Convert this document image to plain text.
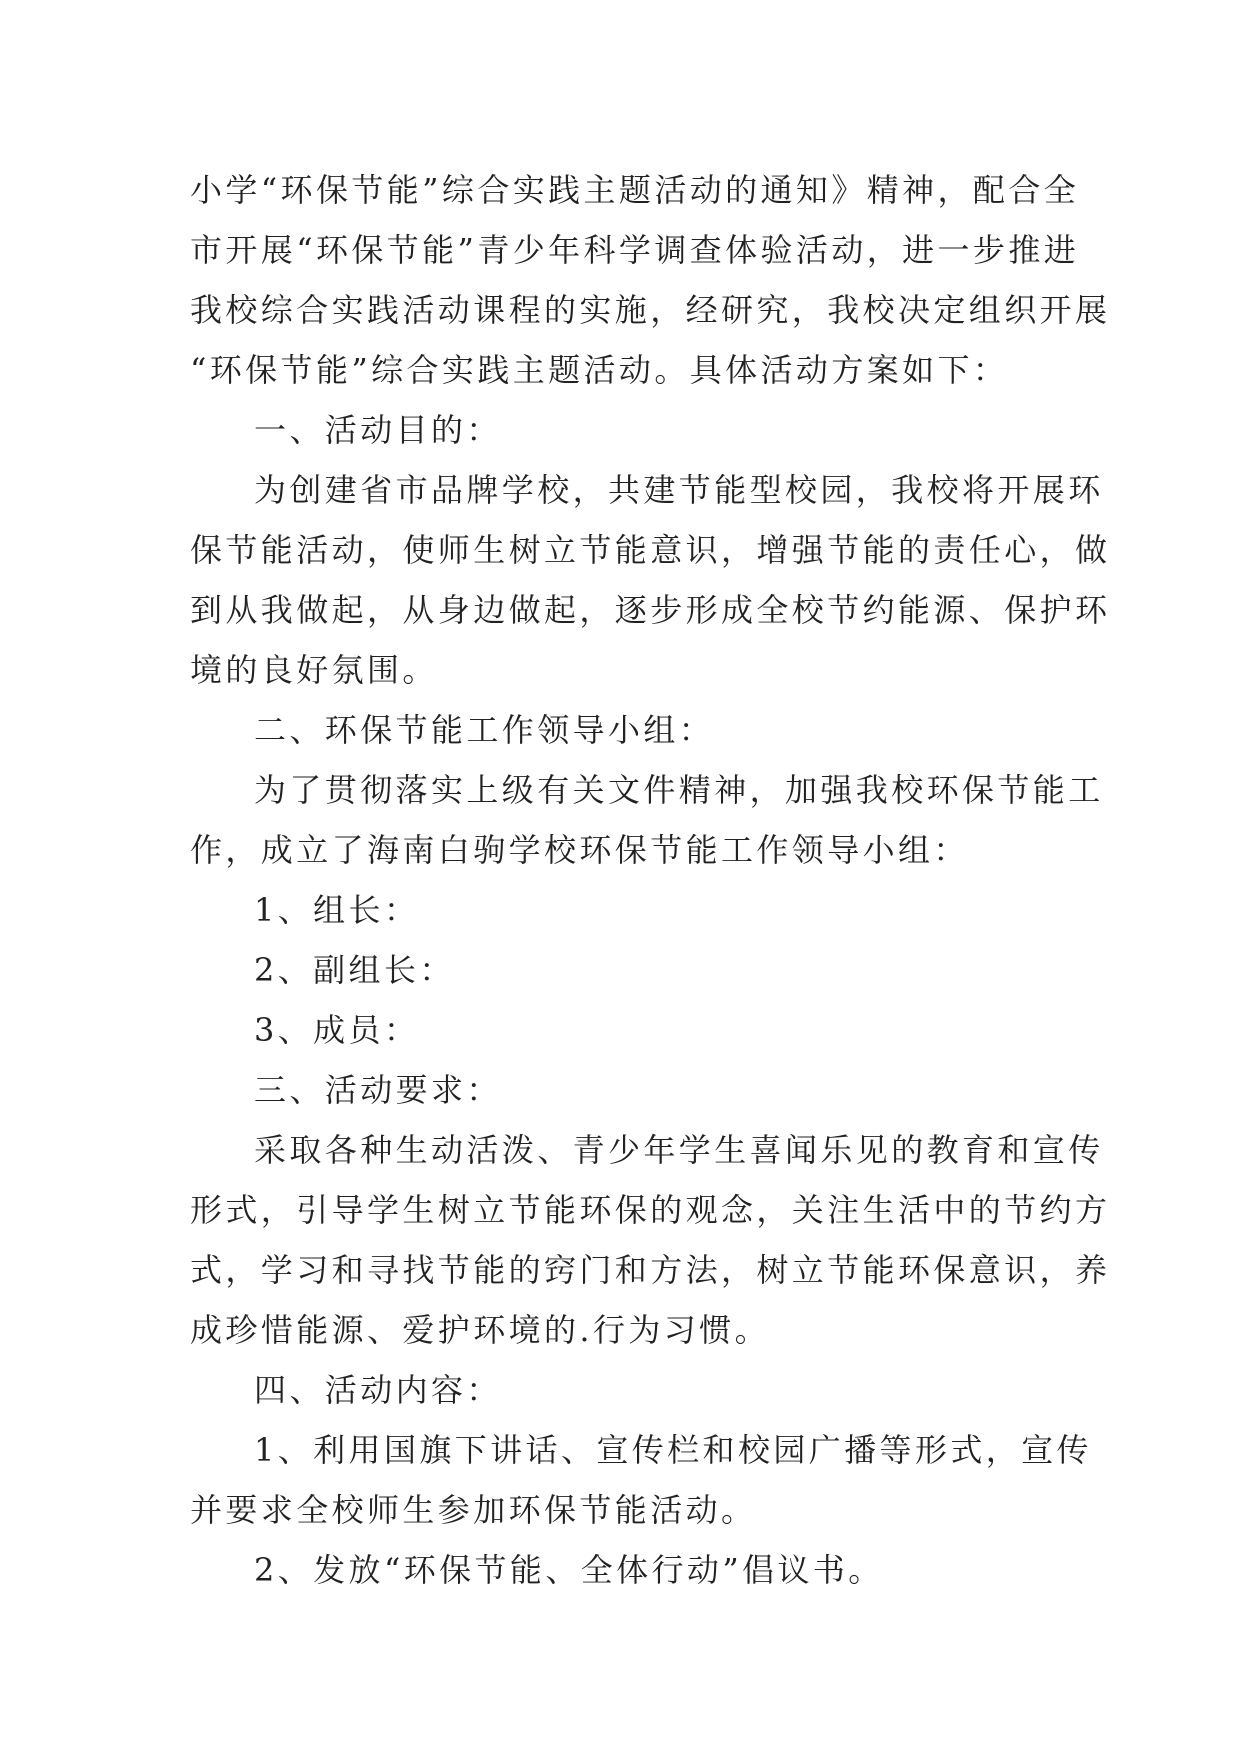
小学“环保节能”综合实践主题活动的通知》精神，配合全
市开展“环保节能”青少年科学调查体验活动，进一步推进
我校综合实践活动课程的实施，经研究，我校决定组织开展
“环保节能”综合实践主题活动。具体活动方案如下：
一、活动目的：
为创建省市品牌学校，共建节能型校园，我校将开展环
保节能活动，使师生树立节能意识，增强节能的责任心，做
到从我做起，从身边做起，逐步形成全校节约能源、保护环
境的良好氛围。
二、环保节能工作领导小组：
为了贯彻落实上级有关文件精神，加强我校环保节能工
作，成立了海南白驹学校环保节能工作领导小组：
1、组长：
2、副组长：
3、成员：
三、活动要求：
采取各种生动活泼、青少年学生喜闻乐见的教育和宣传
形式，引导学生树立节能环保的观念，关注生活中的节约方
式，学习和寻找节能的窍门和方法，树立节能环保意识，养
成珍惜能源、爱护环境的.行为习惯。
四、活动内容：
1、利用国旗下讲话、宣传栏和校园广播等形式，宣传
并要求全校师生参加环保节能活动。
2、发放“环保节能、全体行动”倡议书。
